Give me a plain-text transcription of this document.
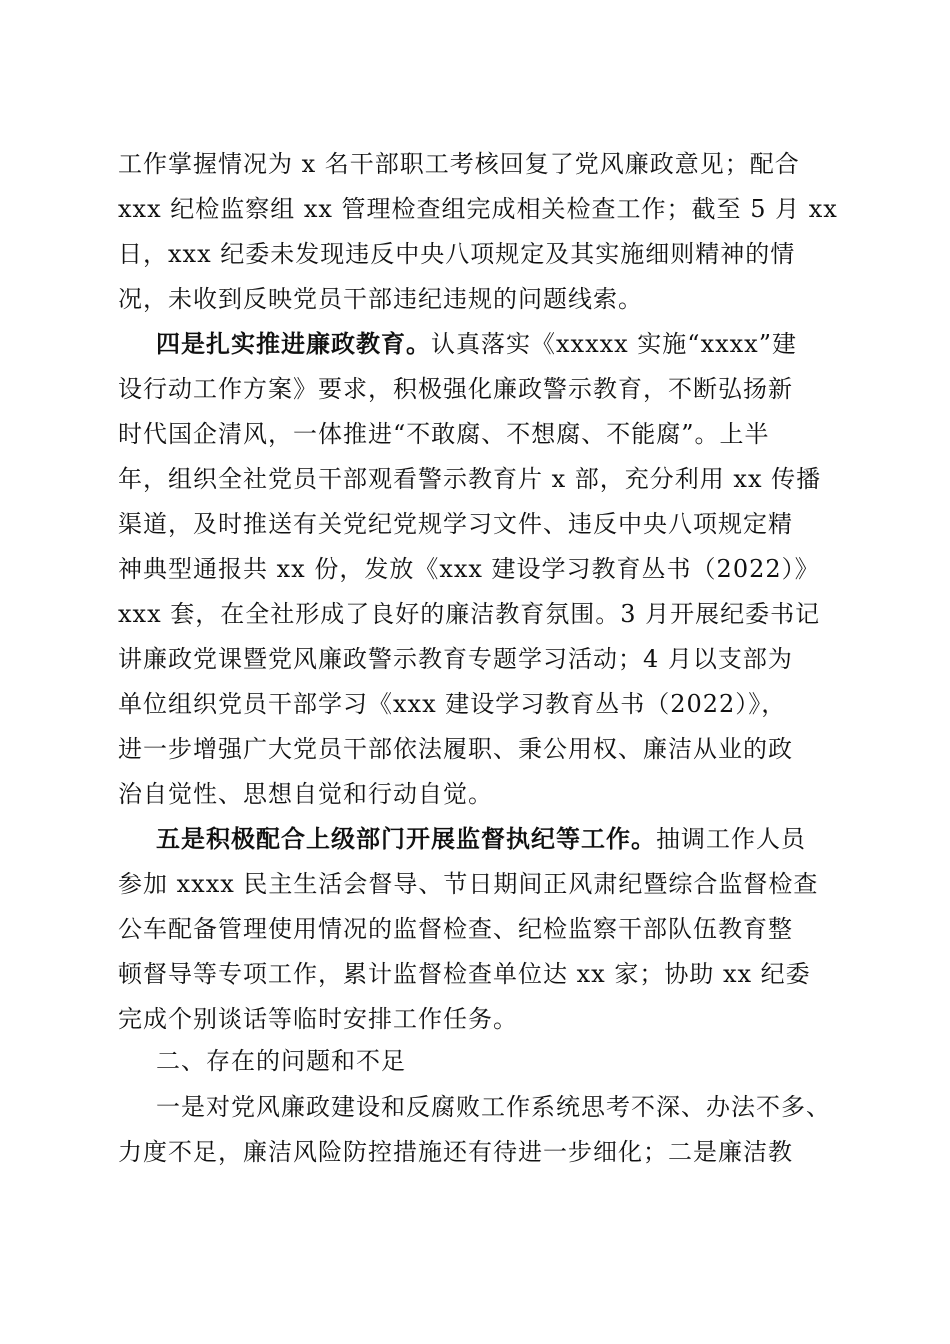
工作掌握情况为 x 名干部职工考核回复了党风廉政意见；配合
xxx 纪检监察组 xx 管理检查组完成相关检查工作；截至 5 月 xx
日，xxx 纪委未发现违反中央八项规定及其实施细则精神的情
况，未收到反映党员干部违纪违规的问题线索。
四是扎实推进廉政教育。认真落实《xxxxx 实施“xxxx”建
设行动工作方案》要求，积极强化廉政警示教育，不断弘扬新
时代国企清风，一体推进“不敢腐、不想腐、不能腐”。上半
年，组织全社党员干部观看警示教育片 x 部，充分利用 xx 传播
渠道，及时推送有关党纪党规学习文件、违反中央八项规定精
神典型通报共 xx 份，发放《xxx 建设学习教育丛书（2022）》
xxx 套，在全社形成了良好的廉洁教育氛围。3 月开展纪委书记
讲廉政党课暨党风廉政警示教育专题学习活动；4 月以支部为
单位组织党员干部学习《xxx 建设学习教育丛书（2022）》，
进一步增强广大党员干部依法履职、秉公用权、廉洁从业的政
治自觉性、思想自觉和行动自觉。
五是积极配合上级部门开展监督执纪等工作。抽调工作人员
参加 xxxx 民主生活会督导、节日期间正风肃纪暨综合监督检查
公车配备管理使用情况的监督检查、纪检监察干部队伍教育整
顿督导等专项工作，累计监督检查单位达 xx 家；协助 xx 纪委
完成个别谈话等临时安排工作任务。
二、存在的问题和不足
一是对党风廉政建设和反腐败工作系统思考不深、办法不多、
力度不足，廉洁风险防控措施还有待进一步细化；二是廉洁教
